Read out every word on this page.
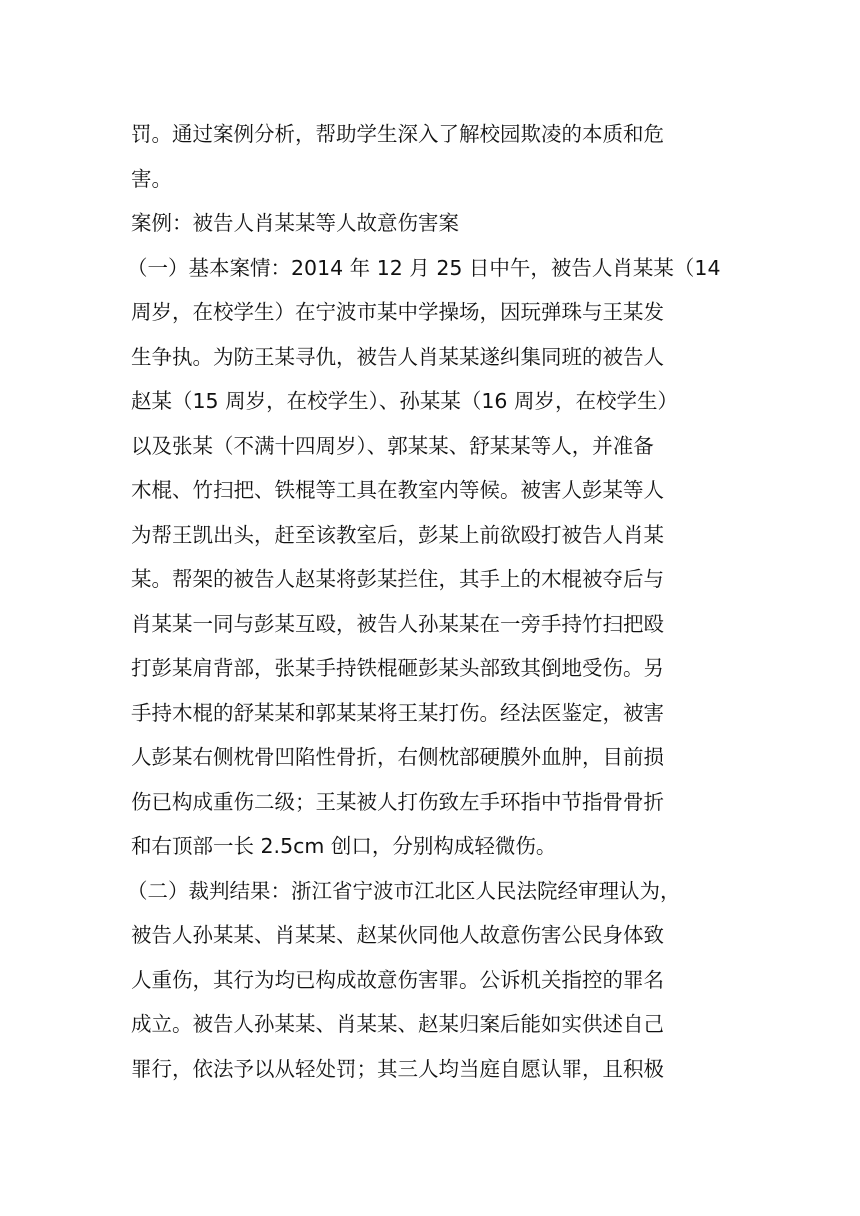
罚。通过案例分析，帮助学生深入了解校园欺凌的本质和危
害。
案例：被告人肖某某等人故意伤害案
（一）基本案情：2014 年 12 月 25 日中午，被告人肖某某（14
周岁，在校学生）在宁波市某中学操场，因玩弹珠与王某发
生争执。为防王某寻仇，被告人肖某某遂纠集同班的被告人
赵某（15 周岁，在校学生）、孙某某（16 周岁，在校学生）
以及张某（不满十四周岁）、郭某某、舒某某等人，并准备
木棍、竹扫把、铁棍等工具在教室内等候。被害人彭某等人
为帮王凯出头，赶至该教室后，彭某上前欲殴打被告人肖某
某。帮架的被告人赵某将彭某拦住，其手上的木棍被夺后与
肖某某一同与彭某互殴，被告人孙某某在一旁手持竹扫把殴
打彭某肩背部，张某手持铁棍砸彭某头部致其倒地受伤。另
手持木棍的舒某某和郭某某将王某打伤。经法医鉴定，被害
人彭某右侧枕骨凹陷性骨折，右侧枕部硬膜外血肿，目前损
伤已构成重伤二级；王某被人打伤致左手环指中节指骨骨折
和右顶部一长 2.5cm 创口，分别构成轻微伤。
（二）裁判结果：浙江省宁波市江北区人民法院经审理认为，
被告人孙某某、肖某某、赵某伙同他人故意伤害公民身体致
人重伤，其行为均已构成故意伤害罪。公诉机关指控的罪名
成立。被告人孙某某、肖某某、赵某归案后能如实供述自己
罪行，依法予以从轻处罚；其三人均当庭自愿认罪，且积极
